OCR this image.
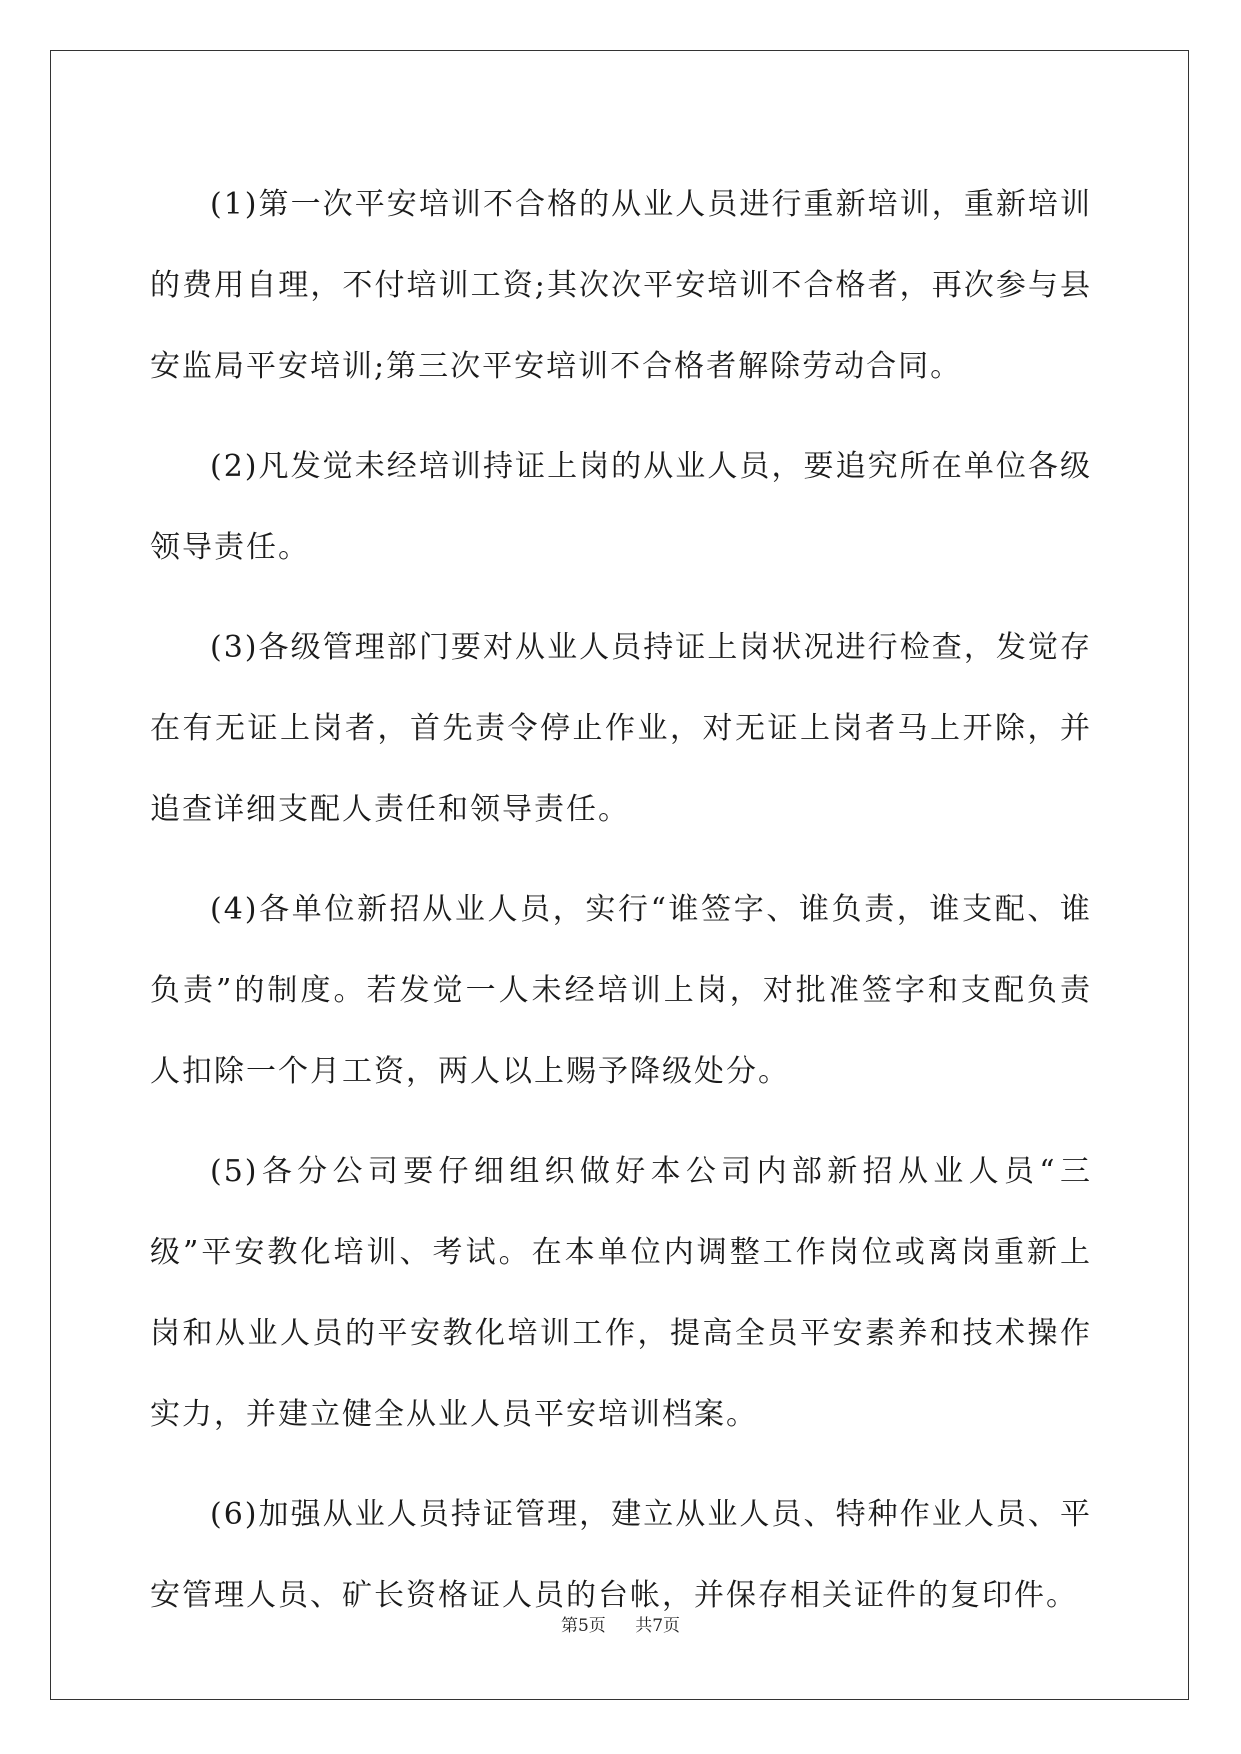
(1)第一次平安培训不合格的从业人员进行重新培训，重新培训的费用自理，不付培训工资;其次次平安培训不合格者，再次参与县安监局平安培训;第三次平安培训不合格者解除劳动合同。

(2)凡发觉未经培训持证上岗的从业人员，要追究所在单位各级领导责任。

(3)各级管理部门要对从业人员持证上岗状况进行检查，发觉存在有无证上岗者，首先责令停止作业，对无证上岗者马上开除，并追查详细支配人责任和领导责任。

(4)各单位新招从业人员，实行“谁签字、谁负责，谁支配、谁负责”的制度。若发觉一人未经培训上岗，对批准签字和支配负责人扣除一个月工资，两人以上赐予降级处分。

(5)各分公司要仔细组织做好本公司内部新招从业人员“三级”平安教化培训、考试。在本单位内调整工作岗位或离岗重新上岗和从业人员的平安教化培训工作，提高全员平安素养和技术操作实力，并建立健全从业人员平安培训档案。

(6)加强从业人员持证管理，建立从业人员、特种作业人员、平安管理人员、矿长资格证人员的台帐，并保存相关证件的复印件。

第5页 共7页
